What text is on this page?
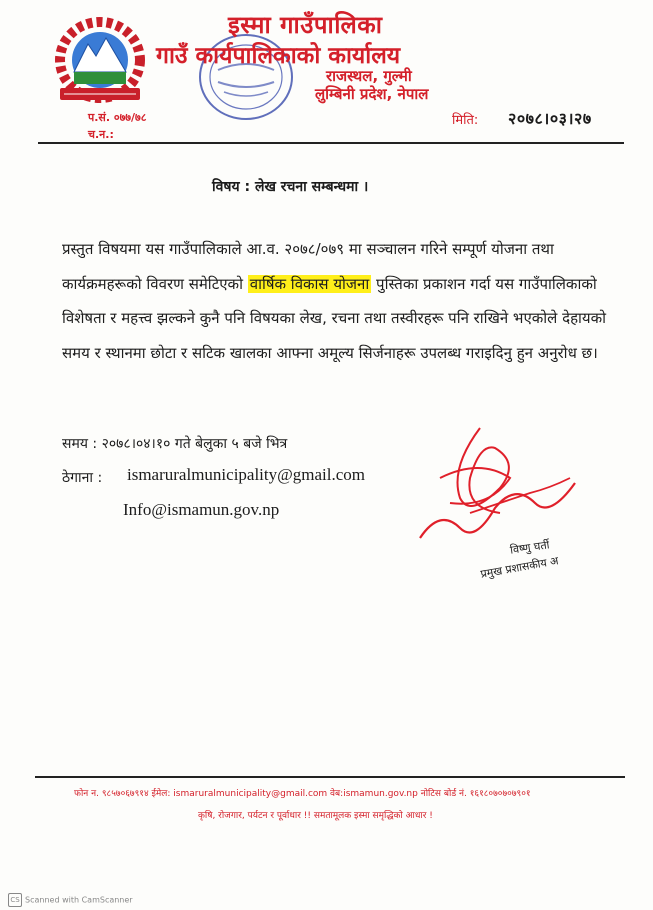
इस्मा गाउँपालिका
गाउँ कार्यपालिकाको कार्यालय
राजस्थल, गुल्मी
लुम्बिनी प्रदेश, नेपाल
प.सं. ०७७/७८
च.न.:
मिति: २०७८।०३।२७
विषय : लेख रचना सम्बन्धमा ।
प्रस्तुत विषयमा यस गाउँपालिकाले आ.व. २०७८/०७९ मा सञ्चालन गरिने सम्पूर्ण योजना तथा कार्यक्रमहरूको विवरण समेटिएको वार्षिक विकास योजना पुस्तिका प्रकाशन गर्दा यस गाउँपालिकाको विशेषता र महत्त्व झल्कने कुनै पनि विषयका लेख, रचना तथा तस्वीरहरू पनि राखिने भएकोले देहायको समय र स्थानमा छोटा र सटिक खालका आफ्ना अमूल्य सिर्जनाहरू उपलब्ध गराइदिनु हुन अनुरोध छ।
समय : २०७८।०४।१० गते बेलुका ५ बजे भित्र
ठेगाना : ismaruralmunicipality@gmail.com
Info@ismamun.gov.np
विष्णु घर्ती
प्रमुख प्रशासकीय अ
फोन न. ९८५७०६७९१४ ईमेल: ismaruralmunicipality@gmail.com वेब:ismamun.gov.np नोटिस बोर्ड नं. १६१८०७०७०७९०१
कृषि, रोजगार, पर्यटन र पूर्वाधार !! समतामूलक इस्मा समृद्धिको आधार !
CS Scanned with CamScanner
